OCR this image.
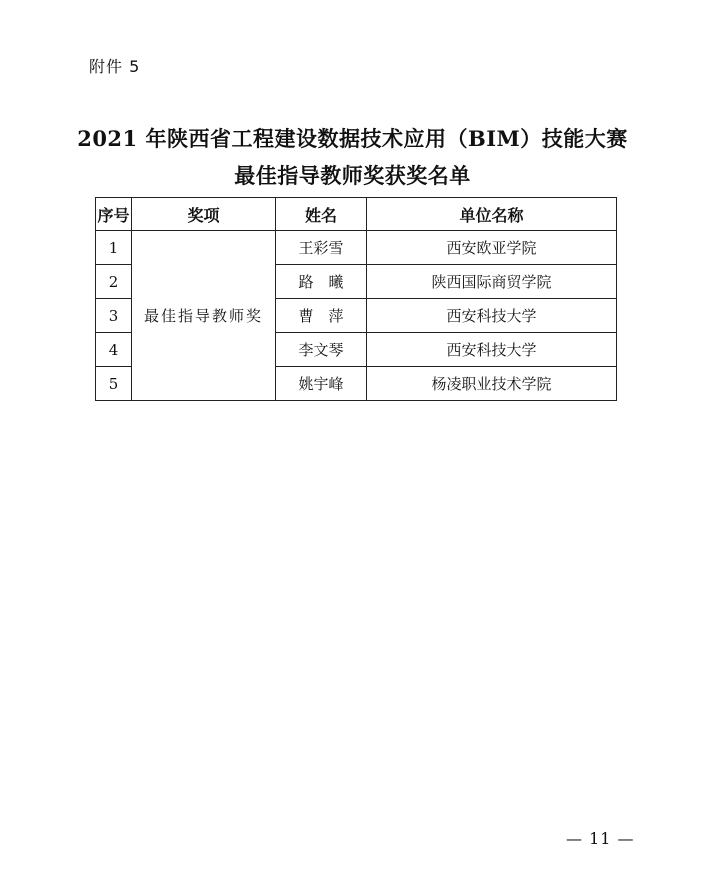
附件 5
2021 年陕西省工程建设数据技术应用（BIM）技能大赛
最佳指导教师奖获奖名单
序号	奖项	姓名	单位名称
1	最佳指导教师奖	王彩雪	西安欧亚学院
2		路　曦	陕西国际商贸学院
3		曹　萍	西安科技大学
4		李文琴	西安科技大学
5		姚宇峰	杨凌职业技术学院
— 11 —
